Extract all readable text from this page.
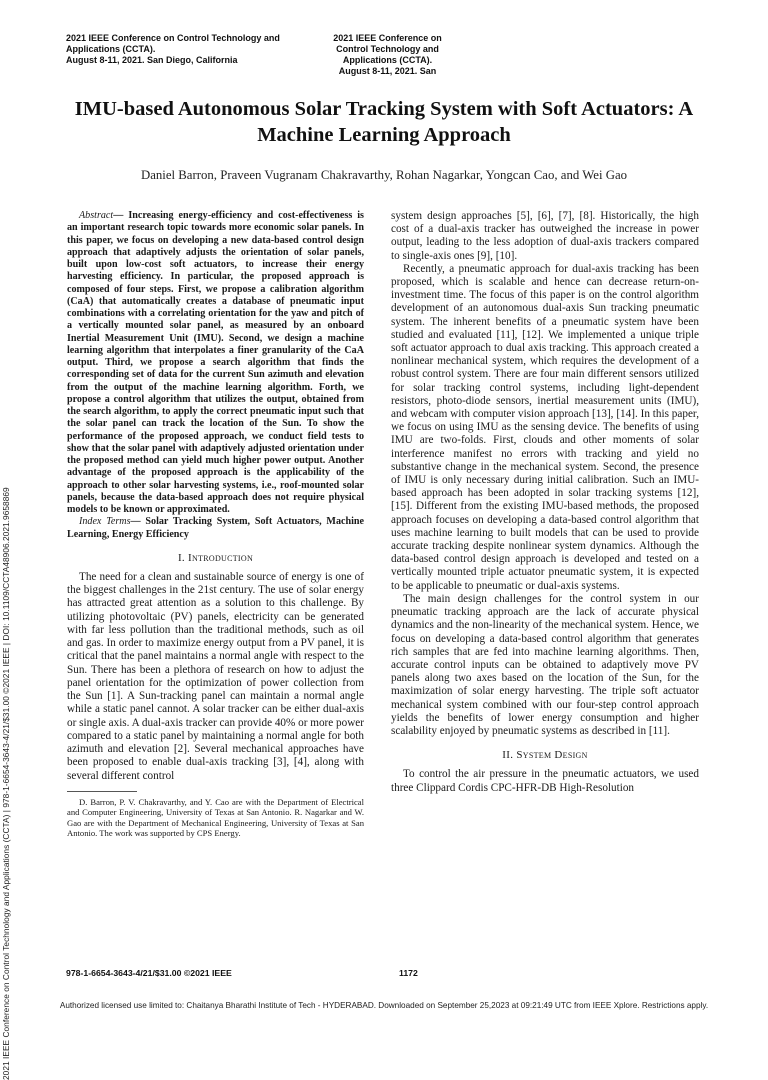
2021 IEEE Conference on Control Technology and
Applications (CCTA).
August 8-11, 2021. San Diego, California
2021 IEEE Conference on
Control Technology and
Applications (CCTA).
August 8-11, 2021. San
2021 IEEE Conference on Control Technology and Applications (CCTA) | 978-1-6654-3643-4/21/$31.00 ©2021 IEEE | DOI: 10.1109/CCTA48906.2021.9658869
IMU-based Autonomous Solar Tracking System with Soft Actuators: A Machine Learning Approach
Daniel Barron, Praveen Vugranam Chakravarthy, Rohan Nagarkar, Yongcan Cao, and Wei Gao

Abstract— Increasing energy-efficiency and cost-effectiveness is an important research topic towards more economic solar panels. In this paper, we focus on developing a new data-based control design approach that adaptively adjusts the orientation of solar panels, built upon low-cost soft actuators, to increase their energy harvesting efficiency. In particular, the proposed approach is composed of four steps. First, we propose a calibration algorithm (CaA) that automatically creates a database of pneumatic input combinations with a correlating orientation for the yaw and pitch of a vertically mounted solar panel, as measured by an onboard Inertial Measurement Unit (IMU). Second, we design a machine learning algorithm that interpolates a finer granularity of the CaA output. Third, we propose a search algorithm that finds the corresponding set of data for the current Sun azimuth and elevation from the output of the machine learning algorithm. Forth, we propose a control algorithm that utilizes the output, obtained from the search algorithm, to apply the correct pneumatic input such that the solar panel can track the location of the Sun. To show the performance of the proposed approach, we conduct field tests to show that the solar panel with adaptively adjusted orientation under the proposed method can yield much higher power output. Another advantage of the proposed approach is the applicability of the approach to other solar harvesting systems, i.e., roof-mounted solar panels, because the data-based approach does not require physical models to be known or approximated.

Index Terms— Solar Tracking System, Soft Actuators, Machine Learning, Energy Efficiency

I. Introduction

The need for a clean and sustainable source of energy is one of the biggest challenges in the 21st century. The use of solar energy has attracted great attention as a solution to this challenge. By utilizing photovoltaic (PV) panels, electricity can be generated with far less pollution than the traditional methods, such as oil and gas. In order to maximize energy output from a PV panel, it is critical that the panel maintains a normal angle with respect to the Sun. There has been a plethora of research on how to adjust the panel orientation for the optimization of power collection from the Sun [1]. A Sun-tracking panel can maintain a normal angle while a static panel cannot. A solar tracker can be either dual-axis or single axis. A dual-axis tracker can provide 40% or more power compared to a static panel by maintaining a normal angle for both azimuth and elevation [2]. Several mechanical approaches have been proposed to enable dual-axis tracking [3], [4], along with several different control

D. Barron, P. V. Chakravarthy, and Y. Cao are with the Department of Electrical and Computer Engineering, University of Texas at San Antonio. R. Nagarkar and W. Gao are with the Department of Mechanical Engineering, University of Texas at San Antonio. The work was supported by CPS Energy.

system design approaches [5], [6], [7], [8]. Historically, the high cost of a dual-axis tracker has outweighed the increase in power output, leading to the less adoption of dual-axis trackers compared to single-axis ones [9], [10].

Recently, a pneumatic approach for dual-axis tracking has been proposed, which is scalable and hence can decrease return-on-investment time. The focus of this paper is on the control algorithm development of an autonomous dual-axis Sun tracking pneumatic system. The inherent benefits of a pneumatic system have been studied and evaluated [11], [12]. We implemented a unique triple soft actuator approach to dual axis tracking. This approach created a nonlinear mechanical system, which requires the development of a robust control system. There are four main different sensors utilized for solar tracking control systems, including light-dependent resistors, photo-diode sensors, inertial measurement units (IMU), and webcam with computer vision approach [13], [14]. In this paper, we focus on using IMU as the sensing device. The benefits of using IMU are two-folds. First, clouds and other moments of solar interference manifest no errors with tracking and yield no substantive change in the mechanical system. Second, the presence of IMU is only necessary during initial calibration. Such an IMU-based approach has been adopted in solar tracking systems [12], [15]. Different from the existing IMU-based methods, the proposed approach focuses on developing a data-based control algorithm that uses machine learning to built models that can be used to provide accurate tracking despite nonlinear system dynamics. Although the data-based control design approach is developed and tested on a vertically mounted triple actuator pneumatic system, it is expected to be applicable to pneumatic or dual-axis systems.

The main design challenges for the control system in our pneumatic tracking approach are the lack of accurate physical dynamics and the non-linearity of the mechanical system. Hence, we focus on developing a data-based control algorithm that generates rich samples that are fed into machine learning algorithms. Then, accurate control inputs can be obtained to adaptively move PV panels along two axes based on the location of the Sun, for the maximization of solar energy harvesting. The triple soft actuator mechanical system combined with our four-step control approach yields the benefits of lower energy consumption and higher scalability enjoyed by pneumatic systems as described in [11].

II. System Design

To control the air pressure in the pneumatic actuators, we used three Clippard Cordis CPC-HFR-DB High-Resolution

978-1-6654-3643-4/21/$31.00 ©2021 IEEE	1172
Authorized licensed use limited to: Chaitanya Bharathi Institute of Tech - HYDERABAD. Downloaded on September 25,2023 at 09:21:49 UTC from IEEE Xplore. Restrictions apply.
